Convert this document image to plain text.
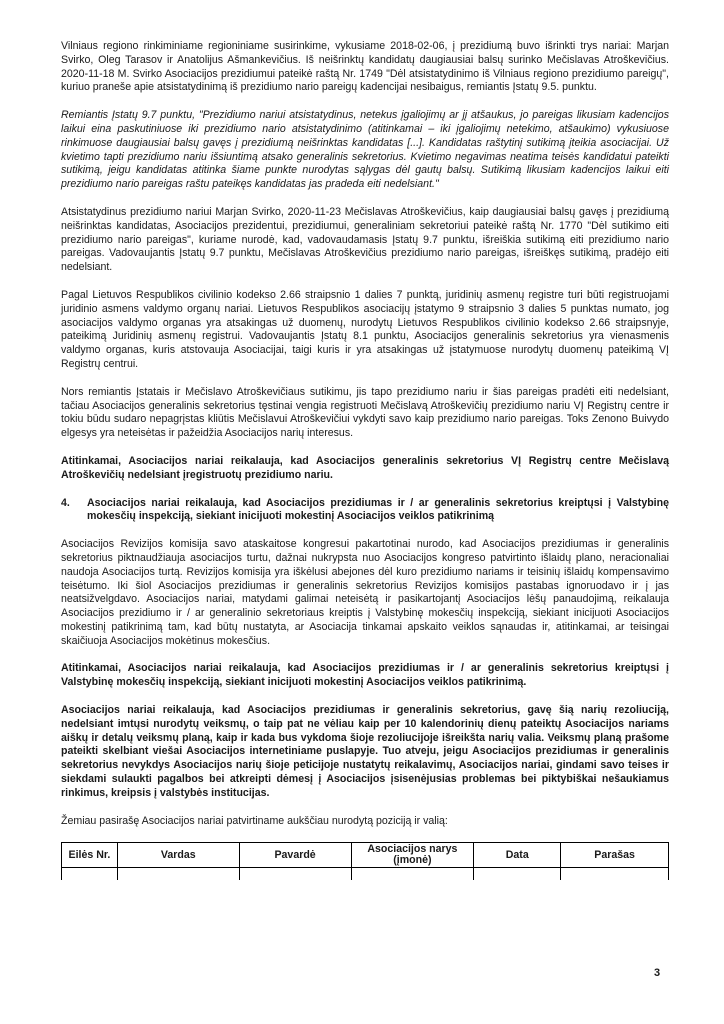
Vilniaus regiono rinkiminiame regioniniame susirinkime, vykusiame 2018-02-06, į prezidiumą buvo išrinkti trys nariai: Marjan Svirko, Oleg Tarasov ir Anatolijus Ašmankevičius. Iš neišrinktų kandidatų daugiausiai balsų surinko Mečislavas Atroškevičius. 2020-11-18 M. Svirko Asociacijos prezidiumui pateikė raštą Nr. 1749 "Dėl atsistatydinimo iš Vilniaus regiono prezidiumo pareigų", kuriuo praneše apie atsistatydinimą iš prezidiumo nario pareigų kadencijai nesibaigus, remiantis Įstatų 9.5. punktu.

Remiantis Įstatų 9.7 punktu, "Prezidiumo nariui atsistatydinus, netekus įgaliojimų ar jį atšaukus, jo pareigas likusiam kadencijos laikui eina paskutiniuose iki prezidiumo nario atsistatydinimo (atitinkamai – iki įgaliojimų netekimo, atšaukimo) vykusiuose rinkimuose daugiausiai balsų gavęs į prezidiumą neišrinktas kandidatas [...]. Kandidatas raštytinį sutikimą įteikia asociacijai. Už kvietimo tapti prezidiumo nariu išsiuntimą atsako generalinis sekretorius. Kvietimo negavimas neatima teisės kandidatui pateikti sutikimą, jeigu kandidatas atitinka šiame punkte nurodytas sąlygas dėl gautų balsų. Sutikimą likusiam kadencijos laikui eiti prezidiumo nario pareigas raštu pateikęs kandidatas jas pradeda eiti nedelsiant."

Atsistatydinus prezidiumo nariui Marjan Svirko, 2020-11-23 Mečislavas Atroškevičius, kaip daugiausiai balsų gavęs į prezidiumą neišrinktas kandidatas, Asociacijos prezidentui, prezidiumui, generaliniam sekretoriui pateikė raštą Nr. 1770 "Dėl sutikimo eiti prezidiumo nario pareigas", kuriame nurodė, kad, vadovaudamasis Įstatų 9.7 punktu, išreiškia sutikimą eiti prezidiumo nario pareigas. Vadovaujantis Įstatų 9.7 punktu, Mečislavas Atroškevičius prezidiumo nario pareigas, išreiškęs sutikimą, pradėjo eiti nedelsiant.

Pagal Lietuvos Respublikos civilinio kodekso 2.66 straipsnio 1 dalies 7 punktą, juridinių asmenų registre turi būti registruojami juridinio asmens valdymo organų nariai. Lietuvos Respublikos asociacijų įstatymo 9 straipsnio 3 dalies 5 punktas numato, jog asociacijos valdymo organas yra atsakingas už duomenų, nurodytų Lietuvos Respublikos civilinio kodekso 2.66 straipsnyje, pateikimą Juridinių asmenų registrui. Vadovaujantis Įstatų 8.1 punktu, Asociacijos generalinis sekretorius yra vienasmenis valdymo organas, kuris atstovauja Asociacijai, taigi kuris ir yra atsakingas už įstatymuose nurodytų duomenų pateikimą VĮ Registrų centrui.

Nors remiantis Įstatais ir Mečislavo Atroškevičiaus sutikimu, jis tapo prezidiumo nariu ir šias pareigas pradėti eiti nedelsiant, tačiau Asociacijos generalinis sekretorius tęstinai vengia registruoti Mečislavą Atroškevičių prezidiumo nariu VĮ Registrų centre ir tokiu būdu sudaro nepagrįstas kliūtis Mečislavui Atroškevičiui vykdyti savo kaip prezidiumo nario pareigas. Toks Zenono Buivydo elgesys yra neteisėtas ir pažeidžia Asociacijos narių interesus.

Atitinkamai, Asociacijos nariai reikalauja, kad Asociacijos generalinis sekretorius VĮ Registrų centre Mečislavą Atroškevičių nedelsiant įregistruotų prezidiumo nariu.

4.	Asociacijos nariai reikalauja, kad Asociacijos prezidiumas ir / ar generalinis sekretorius kreiptųsi į Valstybinę mokesčių inspekciją, siekiant inicijuoti mokestinį Asociacijos veiklos patikrinimą

Asociacijos Revizijos komisija savo ataskaitose kongresui pakartotinai nurodo, kad Asociacijos prezidiumas ir generalinis sekretorius piktnaudžiauja asociacijos turtu, dažnai nukrypsta nuo Asociacijos kongreso patvirtinto išlaidų plano, neracionaliai naudoja Asociacijos turtą. Revizijos komisija yra iškėlusi abejones dėl kuro prezidiumo nariams ir teisinių išlaidų kompensavimo teisėtumo. Iki šiol Asociacijos prezidiumas ir generalinis sekretorius Revizijos komisijos pastabas ignoruodavo ir į jas neatsižvelgdavo. Asociacijos nariai, matydami galimai neteisėtą ir pasikartojantį Asociacijos lėšų panaudojimą, reikalauja Asociacijos prezidiumo ir / ar generalinio sekretoriaus kreiptis į Valstybinę mokesčių inspekciją, siekiant inicijuoti Asociacijos mokestinį patikrinimą tam, kad būtų nustatyta, ar Asociacija tinkamai apskaito veiklos sąnaudas ir, atitinkamai, ar teisingai skaičiuoja Asociacijos mokėtinus mokesčius.

Atitinkamai, Asociacijos nariai reikalauja, kad Asociacijos prezidiumas ir / ar generalinis sekretorius kreiptųsi į Valstybinę mokesčių inspekciją, siekiant inicijuoti mokestinį Asociacijos veiklos patikrinimą.

Asociacijos nariai reikalauja, kad Asociacijos prezidiumas ir generalinis sekretorius, gavę šią narių rezoliuciją, nedelsiant imtųsi nurodytų veiksmų, o taip pat ne vėliau kaip per 10 kalendorinių dienų pateiktų Asociacijos nariams aiškų ir detalų veiksmų planą, kaip ir kada bus vykdoma šioje rezoliucijoje išreikšta narių valia. Veiksmų planą prašome pateikti skelbiant viešai Asociacijos internetiniame puslapyje. Tuo atveju, jeigu Asociacijos prezidiumas ir generalinis sekretorius nevykdys Asociacijos narių šioje peticijoje nustatytų reikalavimų, Asociacijos nariai, gindami savo teises ir siekdami sulaukti pagalbos bei atkreipti dėmesį į Asociacijos įsisenėjusias problemas bei piktybiškai nešaukiamus rinkimus, kreipsis į valstybės institucijas.

Žemiau pasirašę Asociacijos nariai patvirtiname aukščiau nurodytą poziciją ir valią:

Eilės Nr.	Vardas	Pavardė	Asociacijos narys (įmonė)	Data	Parašas

3
